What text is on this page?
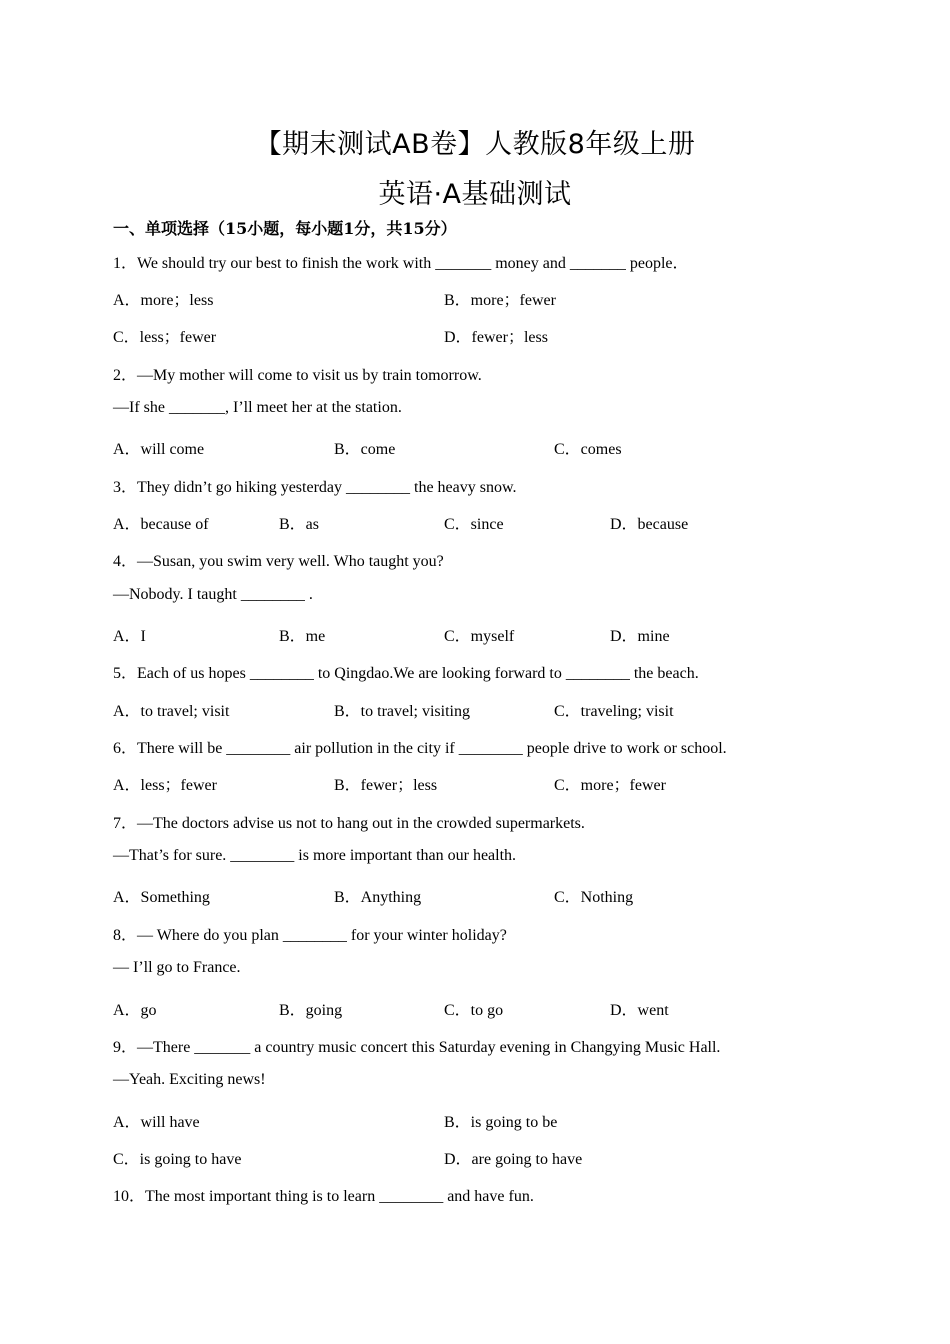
【期末测试AB卷】人教版8年级上册
英语·A基础测试
一、单项选择（15小题，每小题1分，共15分）
1．We should try our best to finish the work with _______ money and _______ people．
A．more；less	B．more；fewer
C．less；fewer	D．fewer；less
2．—My mother will come to visit us by train tomorrow.
—If she _______, I’ll meet her at the station.
A．will come	B．come	C．comes
3．They didn’t go hiking yesterday ________ the heavy snow.
A．because of	B．as	C．since	D．because
4．—Susan, you swim very well. Who taught you?
—Nobody. I taught ________ .
A．I	B．me	C．myself	D．mine
5．Each of us hopes ________ to Qingdao.We are looking forward to ________ the beach.
A．to travel; visit	B．to travel; visiting	C．traveling; visit
6．There will be ________ air pollution in the city if ________ people drive to work or school.
A．less；fewer	B．fewer；less	C．more；fewer
7．—The doctors advise us not to hang out in the crowded supermarkets.
—That’s for sure. ________ is more important than our health.
A．Something	B．Anything	C．Nothing
8．— Where do you plan ________ for your winter holiday?
— I’ll go to France.
A．go	B．going	C．to go	D．went
9．—There _______ a country music concert this Saturday evening in Changying Music Hall.
—Yeah. Exciting news!
A．will have	B．is going to be
C．is going to have	D．are going to have
10．The most important thing is to learn ________ and have fun.
